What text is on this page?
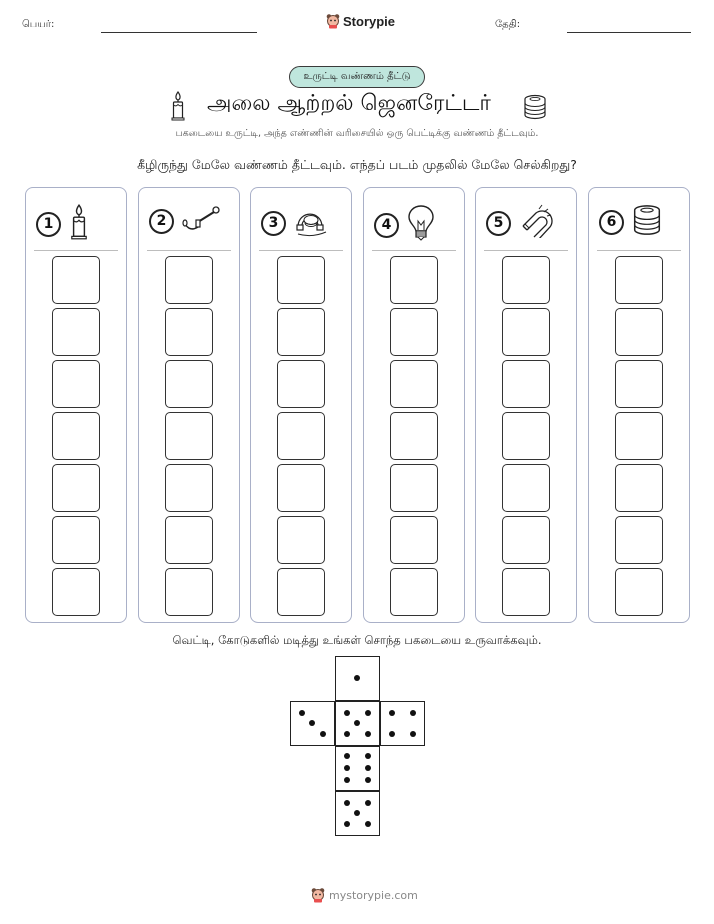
பெயர்:	Storypie	தேதி:
உருட்டி வண்ணம் தீட்டு
அலை ஆற்றல் ஜெனரேட்டர்
பகடையை உருட்டி, அந்த எண்ணின் வரிசையில் ஒரு பெட்டிக்கு வண்ணம் தீட்டவும்.
கீழிருந்து மேலே வண்ணம் தீட்டவும். எந்தப் படம் முதலில் மேலே செல்கிறது?
1	2	3	4	5	6
வெட்டி, கோடுகளில் மடித்து உங்கள் சொந்த பகடையை உருவாக்கவும்.
mystorypie.com
